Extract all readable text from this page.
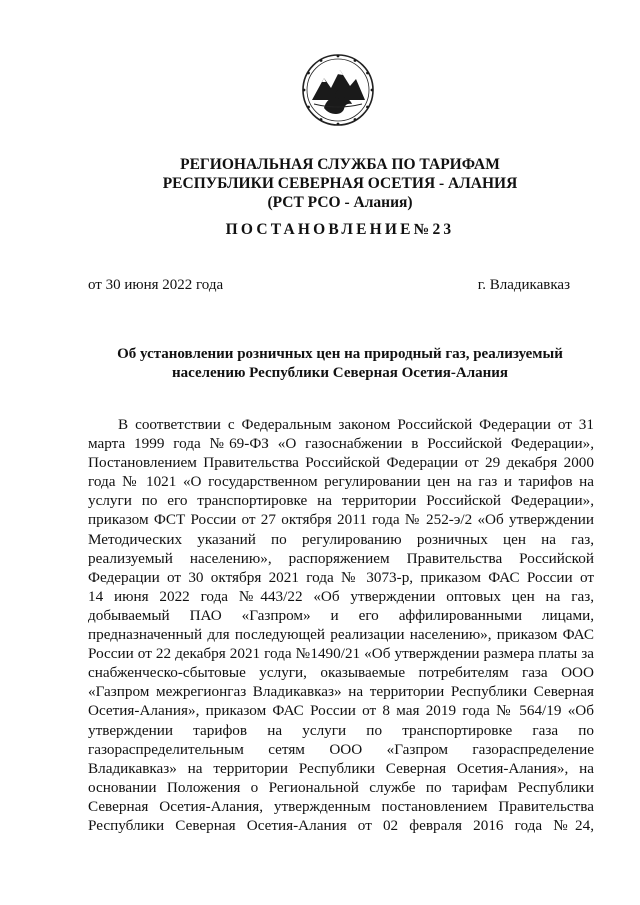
РЕГИОНАЛЬНАЯ СЛУЖБА ПО ТАРИФАМ
РЕСПУБЛИКИ СЕВЕРНАЯ ОСЕТИЯ - АЛАНИЯ
(РСТ РСО - Алания)
ПОСТАНОВЛЕНИЕ№23
от 30 июня 2022 года	г. Владикавказ
Об установлении розничных цен на природный газ, реализуемый
населению Республики Северная Осетия-Алания
В соответствии с Федеральным законом Российской Федерации от 31
марта 1999 года №69-ФЗ «О газоснабжении в Российской Федерации»,
Постановлением Правительства Российской Федерации от 29 декабря 2000
года № 1021 «О государственном регулировании цен на газ и тарифов на
услуги по его транспортировке на территории Российской Федерации»,
приказом ФСТ России от 27 октября 2011 года № 252-э/2 «Об утверждении
Методических указаний по регулированию розничных цен на газ,
реализуемый населению», распоряжением Правительства Российской
Федерации от 30 октября 2021 года № 3073-р, приказом ФАС России от
14 июня 2022 года №443/22 «Об утверждении оптовых цен на газ,
добываемый ПАО «Газпром» и его аффилированными лицами,
предназначенный для последующей реализации населению», приказом ФАС
России от 22 декабря 2021 года №1490/21 «Об утверждении размера платы за
снабженческо-сбытовые услуги, оказываемые потребителям газа ООО
«Газпром межрегионгаз Владикавказ» на территории Республики Северная
Осетия-Алания», приказом ФАС России от 8 мая 2019 года № 564/19 «Об
утверждении тарифов на услуги по транспортировке газа по
газораспределительным сетям ООО «Газпром газораспределение
Владикавказ» на территории Республики Северная Осетия-Алания», на
основании Положения о Региональной службе по тарифам Республики
Северная Осетия-Алания, утвержденным постановлением Правительства
Республики Северная Осетия-Алания от 02 февраля 2016 года №24,
